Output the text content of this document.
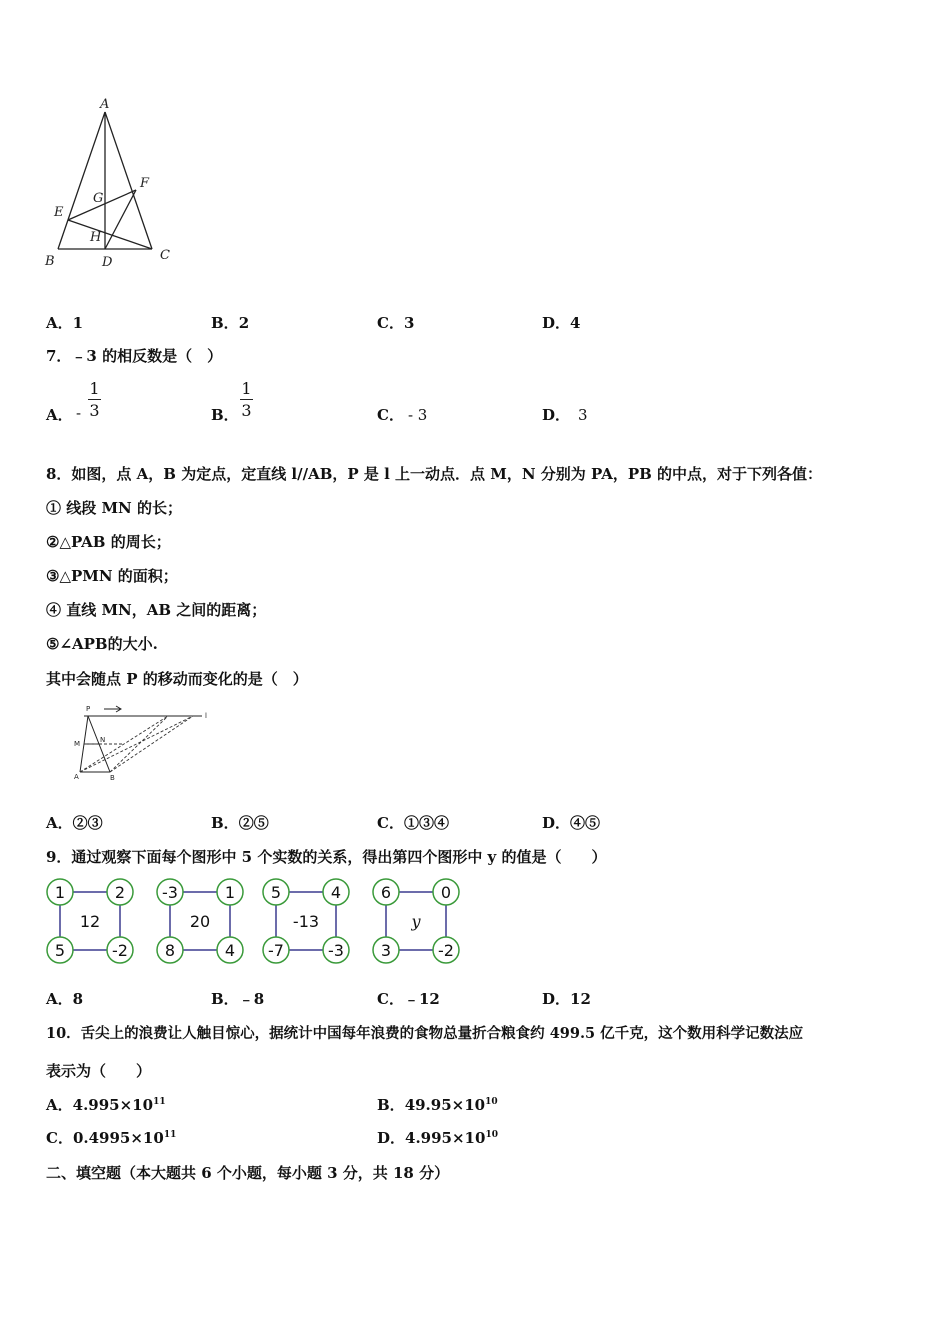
A
F
G
E
H
B	D	C
A．1	B．2	C．3	D．4
7．﹣3 的相反数是（　）
A． -
1
3	B．
1
3	C． - 3	D． 3
8．如图，点 A，B 为定点，定直线 l//AB，P 是 l 上一动点．点 M，N 分别为 PA，PB 的中点，对于下列各值：
① 线段 MN 的长；
②△PAB 的周长；
③△PMN 的面积；
④ 直线 MN，AB 之间的距离；
⑤∠APB的大小.
其中会随点 P 的移动而变化的是（　）
P
l
M	N
A	B
A．②③	B．②⑤	C．①③④	D．④⑤
9．通过观察下面每个图形中 5 个实数的关系，得出第四个图形中 y 的值是（　　）
1	2
12
5	-2
-3	1
20
8	4
5	4
-13
-7	-3
6	0
y
3	-2
A．8	B．﹣8	C．﹣12	D．12
10．舌尖上的浪费让人触目惊心，据统计中国每年浪费的食物总量折合粮食约 499.5 亿千克，这个数用科学记数法应
表示为（　　）
A．$4.995\times 10^{11}$	B．$49.95\times 10^{10}$
C．$0.4995\times 10^{11}$	D．$4.995\times 10^{10}$
二、填空题（本大题共 6 个小题，每小题 3 分，共 18 分）
